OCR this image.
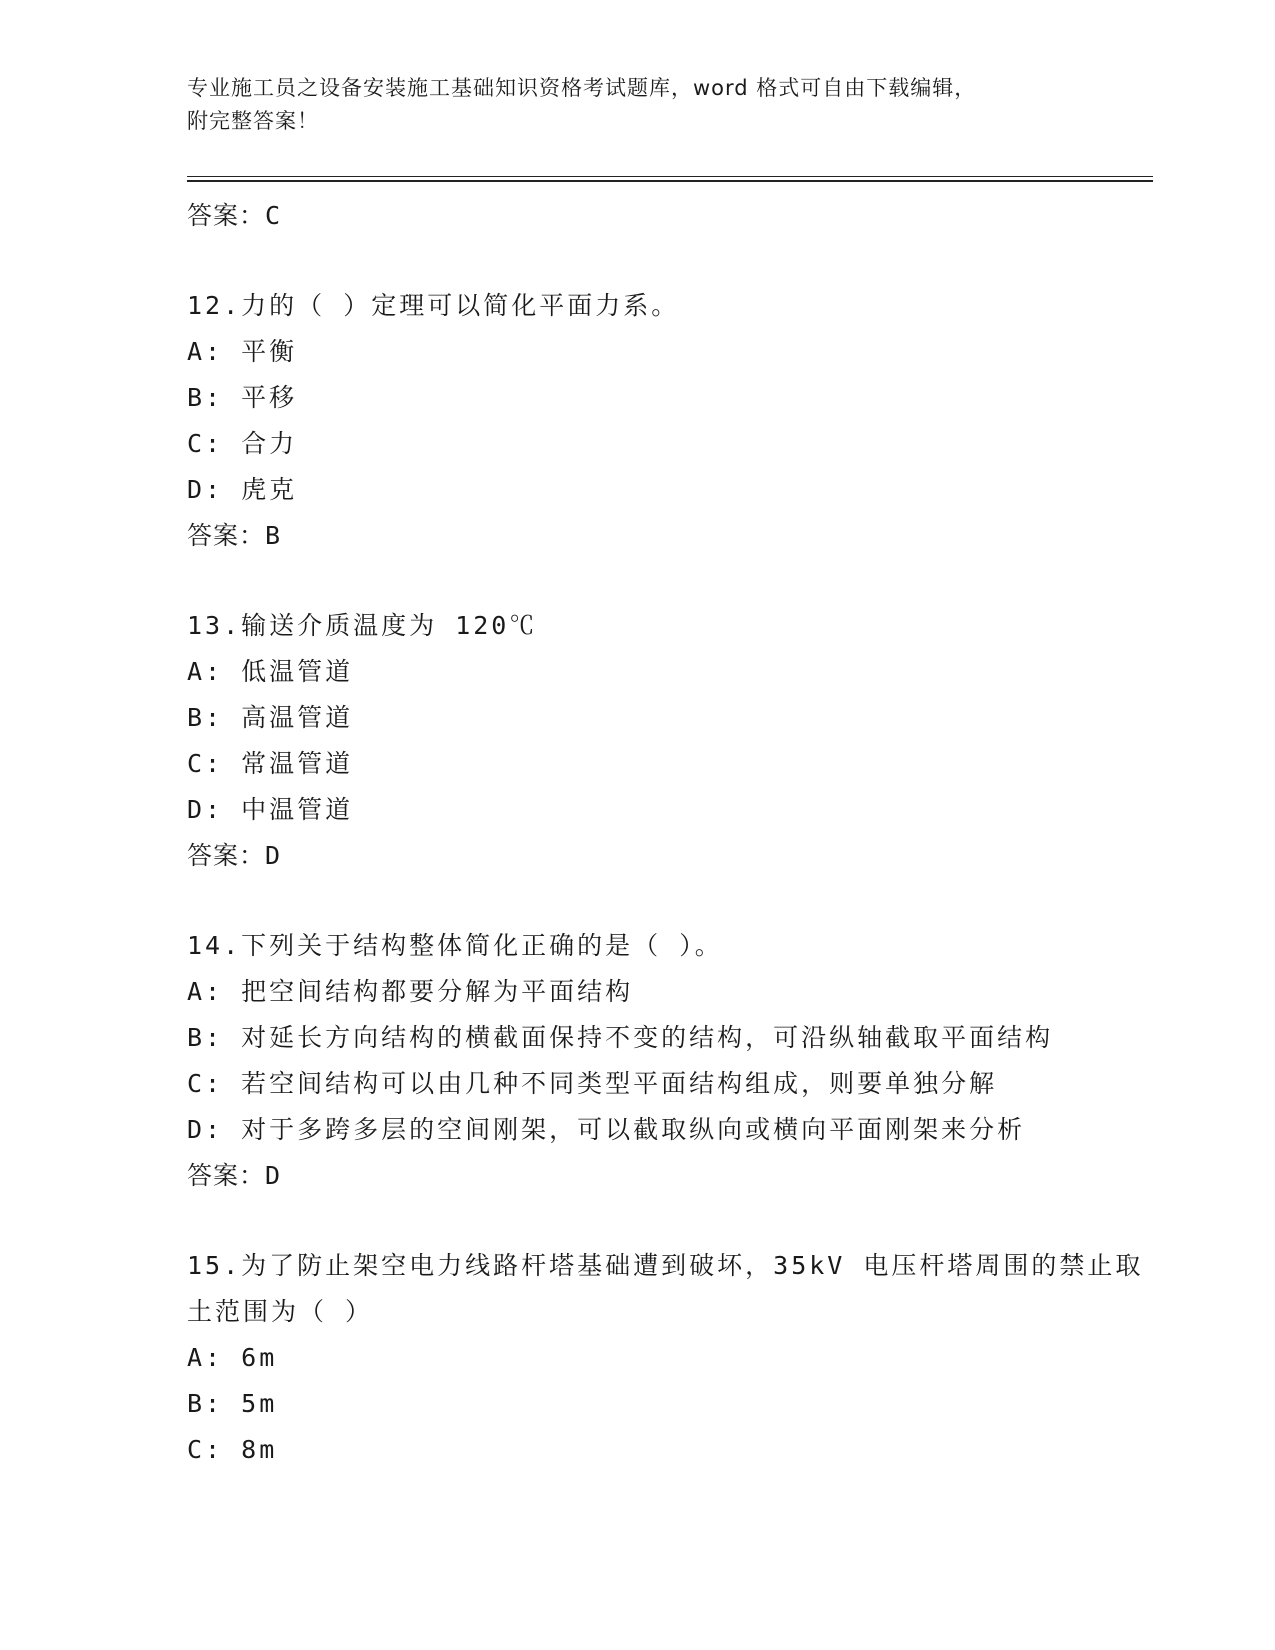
专业施工员之设备安装施工基础知识资格考试题库，word 格式可自由下载编辑，
附完整答案！
答案：C
12.力的（ ）定理可以简化平面力系。
A: 平衡
B: 平移
C: 合力
D: 虎克
答案：B
13.输送介质温度为 120℃
A: 低温管道
B: 高温管道
C: 常温管道
D: 中温管道
答案：D
14.下列关于结构整体简化正确的是（ ）。
A: 把空间结构都要分解为平面结构
B: 对延长方向结构的横截面保持不变的结构，可沿纵轴截取平面结构
C: 若空间结构可以由几种不同类型平面结构组成，则要单独分解
D: 对于多跨多层的空间刚架，可以截取纵向或横向平面刚架来分析
答案：D
15.为了防止架空电力线路杆塔基础遭到破坏，35kV 电压杆塔周围的禁止取土范围为（ ）
A: 6m
B: 5m
C: 8m
